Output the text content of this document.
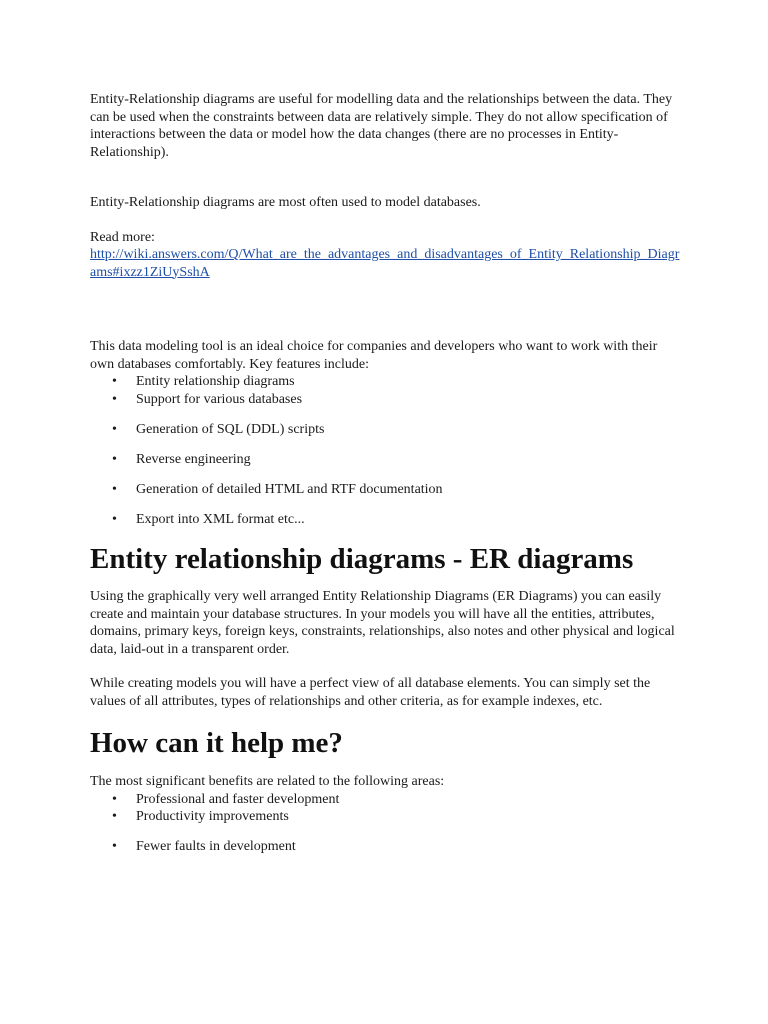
Entity-Relationship diagrams are useful for modelling data and the relationships between the data. They can be used when the constraints between data are relatively simple. They do not allow specification of interactions between the data or model how the data changes (there are no processes in Entity-Relationship).

Entity-Relationship diagrams are most often used to model databases.

Read more:
http://wiki.answers.com/Q/What_are_the_advantages_and_disadvantages_of_Entity_Relationship_Diagrams#ixzz1ZiUySshA

This data modeling tool is an ideal choice for companies and developers who want to work with their own databases comfortably. Key features include:

• Entity relationship diagrams
• Support for various databases
• Generation of SQL (DDL) scripts
• Reverse engineering
• Generation of detailed HTML and RTF documentation
• Export into XML format etc...
Entity relationship diagrams - ER diagrams

Using the graphically very well arranged Entity Relationship Diagrams (ER Diagrams) you can easily create and maintain your database structures. In your models you will have all the entities, attributes, domains, primary keys, foreign keys, constraints, relationships, also notes and other physical and logical data, laid-out in a transparent order.

While creating models you will have a perfect view of all database elements. You can simply set the values of all attributes, types of relationships and other criteria, as for example indexes, etc.

How can it help me?

The most significant benefits are related to the following areas:

• Professional and faster development
• Productivity improvements
• Fewer faults in development
